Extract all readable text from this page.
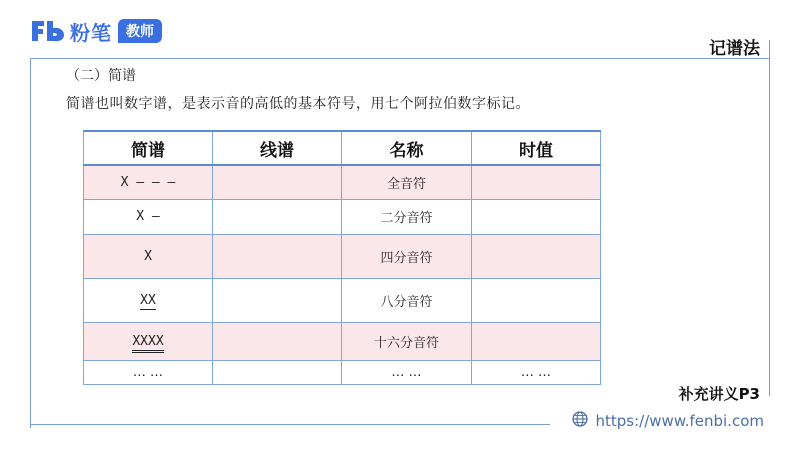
粉笔	教师
记谱法
（二）简谱
简谱也叫数字谱，是表示音的高低的基本符号，用七个阿拉伯数字标记。
简谱	线谱	名称	时值
X — — —		全音符	
X —		二分音符	
X		四分音符	
XX		八分音符	
XXXX		十六分音符	
… …		… …	… …
补充讲义P3
https://www.fenbi.com
